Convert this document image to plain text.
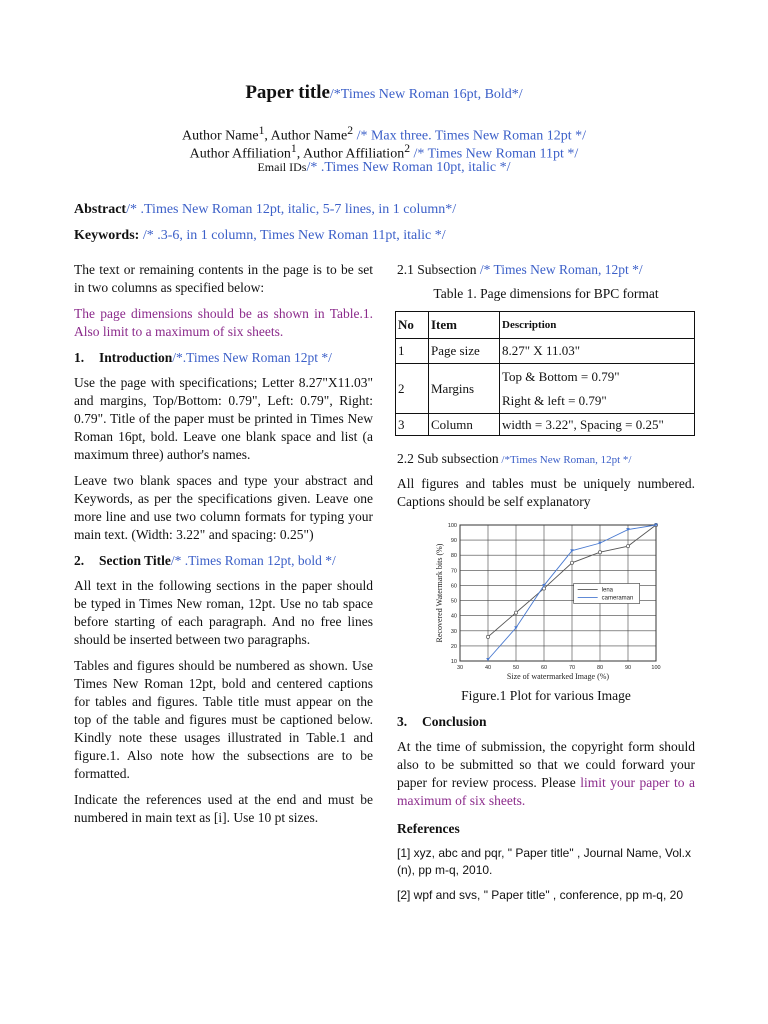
Paper title/*Times New Roman 16pt, Bold*/
Author Name$^1$, Author Name$^2$ /* Max three. Times New Roman 12pt */
Author Affiliation$^1$, Author Affiliation$^2$ /* Times New Roman 11pt */
Email IDs/* .Times New Roman 10pt, italic */
Abstract/* .Times New Roman 12pt, italic, 5-7 lines, in 1 column*/
Keywords: /* .3-6, in 1 column, Times New Roman 11pt, italic */

The text or remaining contents in the page is to be set in two columns as specified below:

The page dimensions should be as shown in Table.1. Also limit to a maximum of six sheets.

1. Introduction/*.Times New Roman 12pt */

Use the page with specifications; Letter 8.27"X11.03" and margins, Top/Bottom: 0.79", Left: 0.79", Right: 0.79". Title of the paper must be printed in Times New Roman 16pt, bold. Leave one blank space and list (a maximum three) author's names.

Leave two blank spaces and type your abstract and Keywords, as per the specifications given. Leave one more line and use two column formats for typing your main text. (Width: 3.22" and spacing: 0.25")

2. Section Title/* .Times Roman 12pt, bold */

All text in the following sections in the paper should be typed in Times New roman, 12pt. Use no tab space before starting of each paragraph. And no free lines should be inserted between two paragraphs.

Tables and figures should be numbered as shown. Use Times New Roman 12pt, bold and centered captions for tables and figures. Table title must appear on the top of the table and figures must be captioned below. Kindly note these usages illustrated in Table.1 and figure.1. Also note how the subsections are to be formatted.

Indicate the references used at the end and must be numbered in main text as [i]. Use 10 pt sizes.

2.1 Subsection /* Times New Roman, 12pt */
Table 1. Page dimensions for BPC format
No	Item	Description
1	Page size	8.27" X 11.03"
2	Margins	Top & Bottom = 0.79"
Right & left = 0.79"

3	Column	width = 3.22", Spacing = 0.25"
2.2 Sub subsection /*Times New Roman, 12pt */

All figures and tables must be uniquely numbered. Captions should be self explanatory

30	40	50	60	70	80	90	100
10
20
30
40
50
60
70
80
90
100
Size of watermarked Image (%)
Recovered Watermark bits (%)	lena
cameraman
Figure.1 Plot for various Image
3. Conclusion

At the time of submission, the copyright form should also to be submitted so that we could forward your paper for review process. Please limit your paper to a maximum of six sheets.

References

[1] xyz, abc and pqr, " Paper title" , Journal Name, Vol.x (n), pp m-q, 2010.

[2] wpf and svs, " Paper title" , conference, pp m-q, 20
